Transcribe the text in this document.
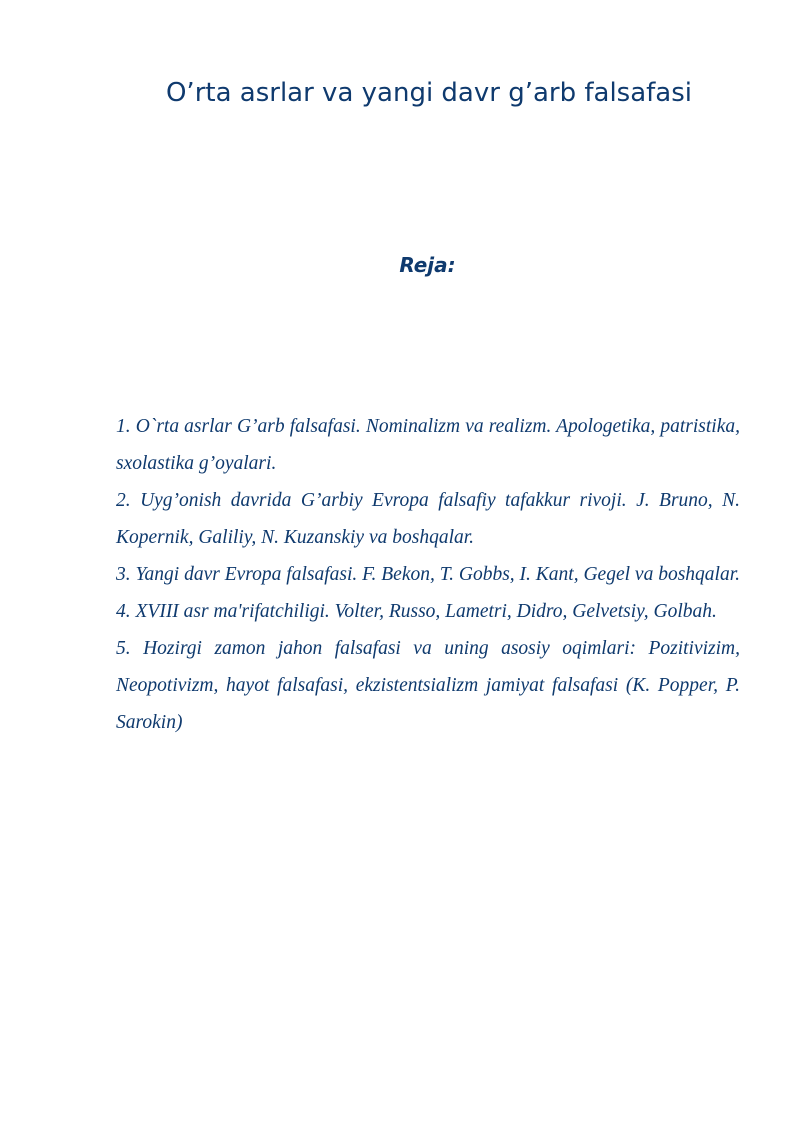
O’rta asrlar va yangi davr g’arb falsafasi
Reja:
1. O`rta asrlar G’arb falsafasi. Nominalizm va realizm. Apologetika, patristika, sxolastika g’oyalari.
2. Uyg’onish davrida G’arbiy Evropa falsafiy tafakkur rivoji. J. Bruno, N. Kopernik, Galiliy, N. Kuzanskiy va boshqalar.
3. Yangi davr Evropa falsafasi. F. Bekon, T. Gobbs, I. Kant, Gegel va boshqalar.
4. XVIII asr ma'rifatchiligi. Volter, Russo, Lametri, Didro, Gelvetsiy, Golbah.
5. Hozirgi zamon jahon falsafasi va uning asosiy oqimlari: Pozitivizim, Neopotivizm, hayot falsafasi, ekzistentsializm jamiyat falsafasi (K. Popper, P. Sarokin)
